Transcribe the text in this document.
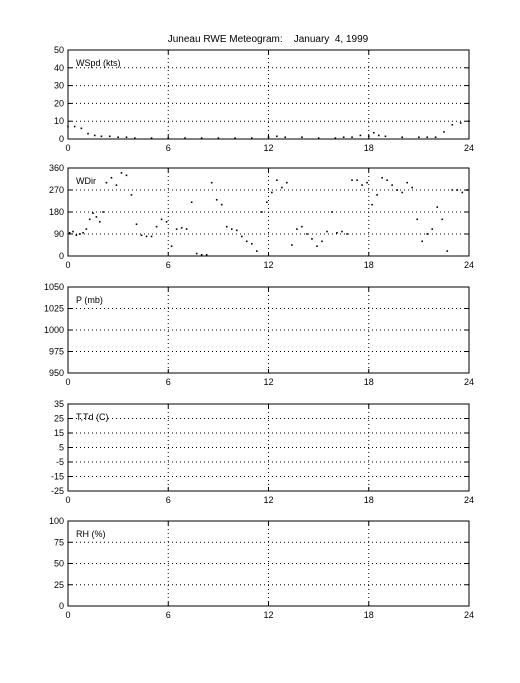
Juneau RWE Meteogram:    January  4, 1999
0	6	12	18	24
0
10
20
30
40
50
WSpd (kts)
0	6	12	18	24
0
90
180
270
360
WDir
0	6	12	18	24
950
975
1000
1025
1050
P (mb)
0	6	12	18	24
-25
-15
-5
5
15
25
35
T,Td (C)
0	6	12	18	24
0
25
50
75
100
RH (%)
